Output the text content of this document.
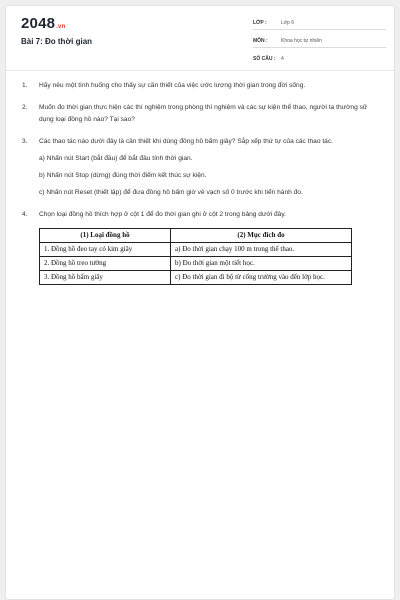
2048.vn
Bài 7: Đo thời gian
LỚP :	Lớp 6
MÔN :	Khoa học tự nhiên
SỐ CÂU :	4
1.	Hãy nêu một tình huống cho thấy sự cần thiết của việc ước lượng thời gian trong đời sống.
2.	Muốn đo thời gian thực hiện các thí nghiệm trong phòng thí nghiệm và các sự kiện thể thao, người ta thường sử dụng loại đồng hồ nào? Tại sao?
3.	Các thao tác nào dưới đây là cần thiết khi dùng đồng hồ bấm giây? Sắp xếp thứ tự của các thao tác.
a) Nhấn nút Start (bắt đầu) để bắt đầu tính thời gian.
b) Nhấn nút Stop (dừng) đúng thời điểm kết thúc sự kiện.
c) Nhấn nút Reset (thiết lập) để đưa đồng hồ bấm giờ về vạch số 0 trước khi tiến hành đo.
4.	Chọn loại đồng hồ thích hợp ở cột 1 để đo thời gian ghi ở cột 2 trong bảng dưới đây.
(1) Loại đồng hồ	(2) Mục đích đo
1. Đồng hồ đeo tay có kim giây	a) Đo thời gian chạy 100 m trong thể thao.
2. Đồng hồ treo tường	b) Đo thời gian một tiết học.
3. Đồng hồ bấm giây	c) Đo thời gian đi bộ từ cổng trường vào đến lớp học.
